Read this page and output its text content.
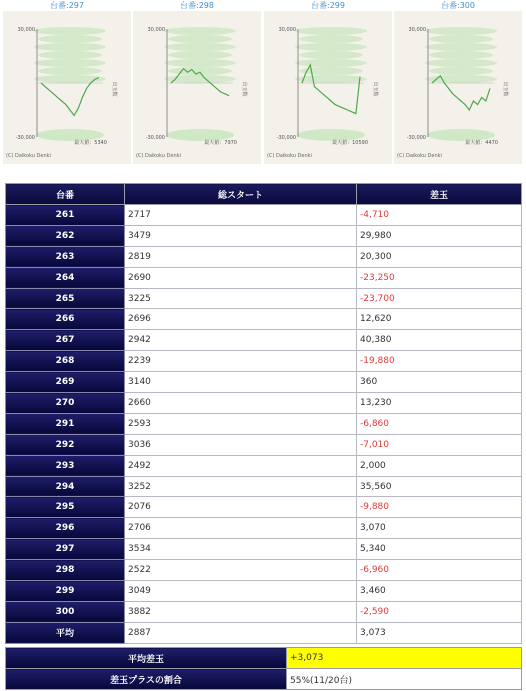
台番:297
30,000
-30,000
出玉数
最大値：5340
(C) Daikoku Denki
台番:298
30,000
-30,000
出玉数
最大値：7970
(C) Daikoku Denki
台番:299
30,000
-30,000
出玉数
最大値：10590
(C) Daikoku Denki
台番:300
30,000
-30,000
出玉数
最大値：4470
(C) Daikoku Denki
台番	総スタート	差玉
261	2717	-4,710
262	3479	29,980
263	2819	20,300
264	2690	-23,250
265	3225	-23,700
266	2696	12,620
267	2942	40,380
268	2239	-19,880
269	3140	360
270	2660	13,230
291	2593	-6,860
292	3036	-7,010
293	2492	2,000
294	3252	35,560
295	2076	-9,880
296	2706	3,070
297	3534	5,340
298	2522	-6,960
299	3049	3,460
300	3882	-2,590
平均	2887	3,073
平均差玉	+3,073
差玉プラスの割合	55%(11/20台)
